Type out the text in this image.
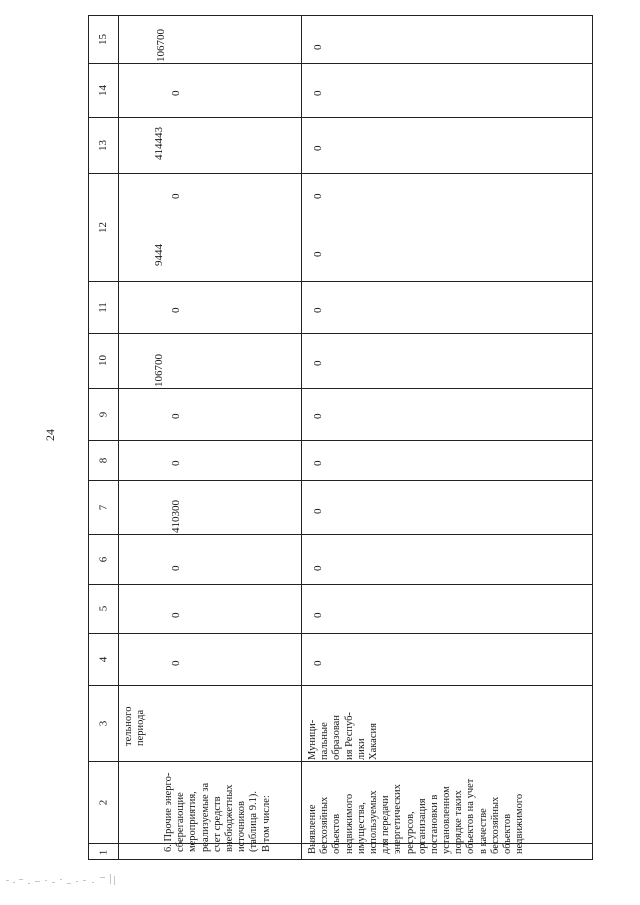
24
15
14
13
12
11
10
9
8
7
6
5
4
3
2
1
тельного периода
106700
0
414443
0
9444
0
106700
0
0
410300
0
0
0
6. Прочие энерго- сберегающие мероприятия, реализуемые за счет средств внебюджетных источников (таблица 9.1). В том числе:
0
0
0
0
0
0
0
0
0
0
0
0
0
Муници- пальные образован ия Респуб- лики Хакасия
Выявление бесхозяйных объектов недвижимого имущества, используемых для передачи энергетических ресурсов, организация постановки в установленном порядке таких объектов на учет в качестве бесхозяйных объектов недвижимого
